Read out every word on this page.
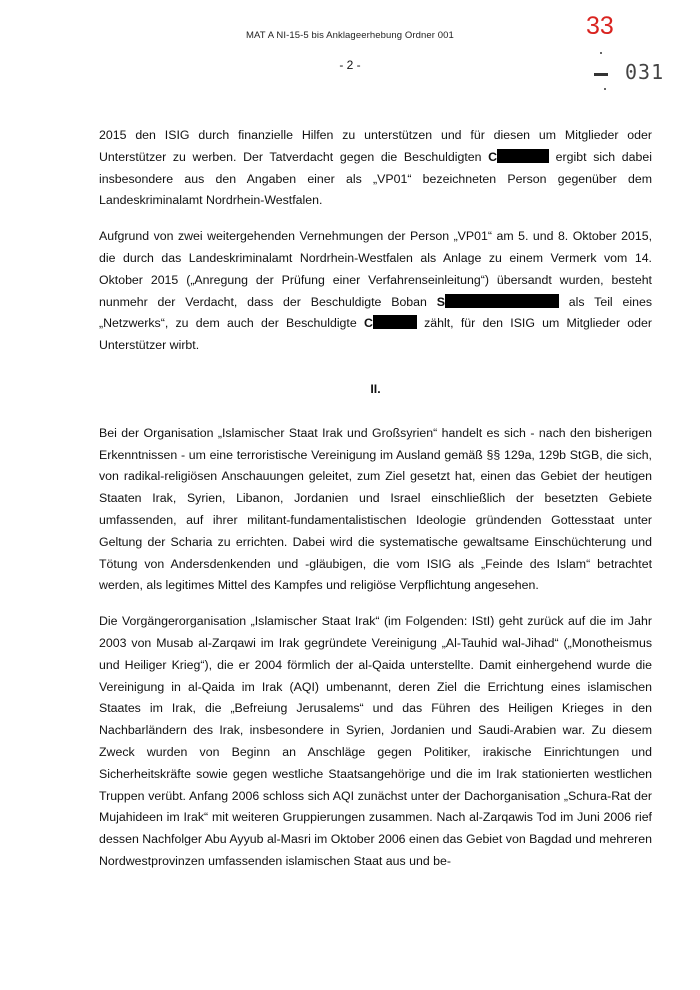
MAT A NI-15-5 bis Anklageerhebung Ordner 001	33
- 2 -	031

2015 den ISIG durch finanzielle Hilfen zu unterstützen und für diesen um Mitglieder oder Unterstützer zu werben. Der Tatverdacht gegen die Beschuldigten C	ergibt sich dabei insbesondere aus den Angaben einer als „VP01“ bezeichneten Person gegenüber dem Landeskriminalamt Nordrhein-Westfalen.

Aufgrund von zwei weitergehenden Vernehmungen der Person „VP01“ am 5. und 8. Oktober 2015, die durch das Landeskriminalamt Nordrhein-Westfalen als Anlage zu einem Vermerk vom 14. Oktober 2015 („Anregung der Prüfung einer Verfahrenseinleitung“) übersandt wurden, besteht nunmehr der Verdacht, dass der Beschuldigte Boban S	als Teil eines „Netzwerks“, zu dem auch der Beschuldigte C	zählt, für den ISIG um Mitglieder oder Unterstützer wirbt.

II.

Bei der Organisation „Islamischer Staat Irak und Großsyrien“ handelt es sich - nach den bisherigen Erkenntnissen - um eine terroristische Vereinigung im Ausland gemäß §§ 129a, 129b StGB, die sich, von radikal-religiösen Anschauungen geleitet, zum Ziel gesetzt hat, einen das Gebiet der heutigen Staaten Irak, Syrien, Libanon, Jordanien und Israel einschließlich der besetzten Gebiete umfassenden, auf ihrer militant-fundamentalistischen Ideologie gründenden Gottesstaat unter Geltung der Scharia zu errichten. Dabei wird die systematische gewaltsame Einschüchterung und Tötung von Andersdenkenden und -gläubigen, die vom ISIG als „Feinde des Islam“ betrachtet werden, als legitimes Mittel des Kampfes und religiöse Verpflichtung angesehen.

Die Vorgängerorganisation „Islamischer Staat Irak“ (im Folgenden: IStI) geht zurück auf die im Jahr 2003 von Musab al-Zarqawi im Irak gegründete Vereinigung „Al-Tauhid wal-Jihad“ („Monotheismus und Heiliger Krieg“), die er 2004 förmlich der al-Qaida unterstellte. Damit einhergehend wurde die Vereinigung in al-Qaida im Irak (AQI) umbenannt, deren Ziel die Errichtung eines islamischen Staates im Irak, die „Befreiung Jerusalems“ und das Führen des Heiligen Krieges in den Nachbarländern des Irak, insbesondere in Syrien, Jordanien und Saudi-Arabien war. Zu diesem Zweck wurden von Beginn an Anschläge gegen Politiker, irakische Einrichtungen und Sicherheitskräfte sowie gegen westliche Staatsangehörige und die im Irak stationierten westlichen Truppen verübt. Anfang 2006 schloss sich AQI zunächst unter der Dachorganisation „Schura-Rat der Mujahideen im Irak“ mit weiteren Gruppierungen zusammen. Nach al-Zarqawis Tod im Juni 2006 rief dessen Nachfolger Abu Ayyub al-Masri im Oktober 2006 einen das Gebiet von Bagdad und mehreren Nordwestprovinzen umfassenden islamischen Staat aus und be-
